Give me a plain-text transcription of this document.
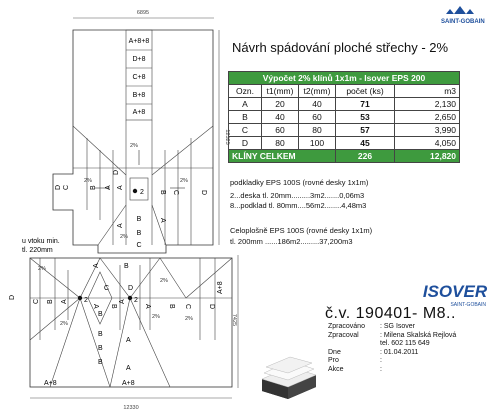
SAINT-GOBAIN
6895
12525
7425
12330
A+8+8
D+8
C+8
B+8
A+8
2
2%
2%	2%
2%
D C	B A A
B C	D
B
A
A
B
C
D
u vtoku min.
tl. 220mm
2	2
2%
2%
2%
2%	2%
A	B
C	D
D
C B A
A B
A
A B C D
A+8
B
B
B
B
A
A
A+8	A+8
Návrh spádování ploché střechy - 2%
Výpočet 2% klínů 1x1m - Isover EPS 200				
Ozn.	t1(mm)	t2(mm)	počet (ks)	m3
A	20	40	71	2,130
B	40	60	53	2,650
C	60	80	57	3,990
D	80	100	45	4,050
KLÍNY CELKEM			226	12,820
podkladky EPS 100S (rovné desky 1x1m)
2...deska tl. 20mm.........3m2.......0,06m3
8...podklad tl. 80mm....56m2........4,48m3
Celoplošně EPS 100S (rovné desky 1x1m)
tl. 200mm ......186m2.........37,200m3
ISOVER
SAINT-GOBAIN
č.v. 190401- M8..
Zpracováno	: SG Isover
Zpracoval	: Milena Skalská Rejlová
tel. 602 115 649
Dne	: 01.04.2011
Pro	:
Akce	:
